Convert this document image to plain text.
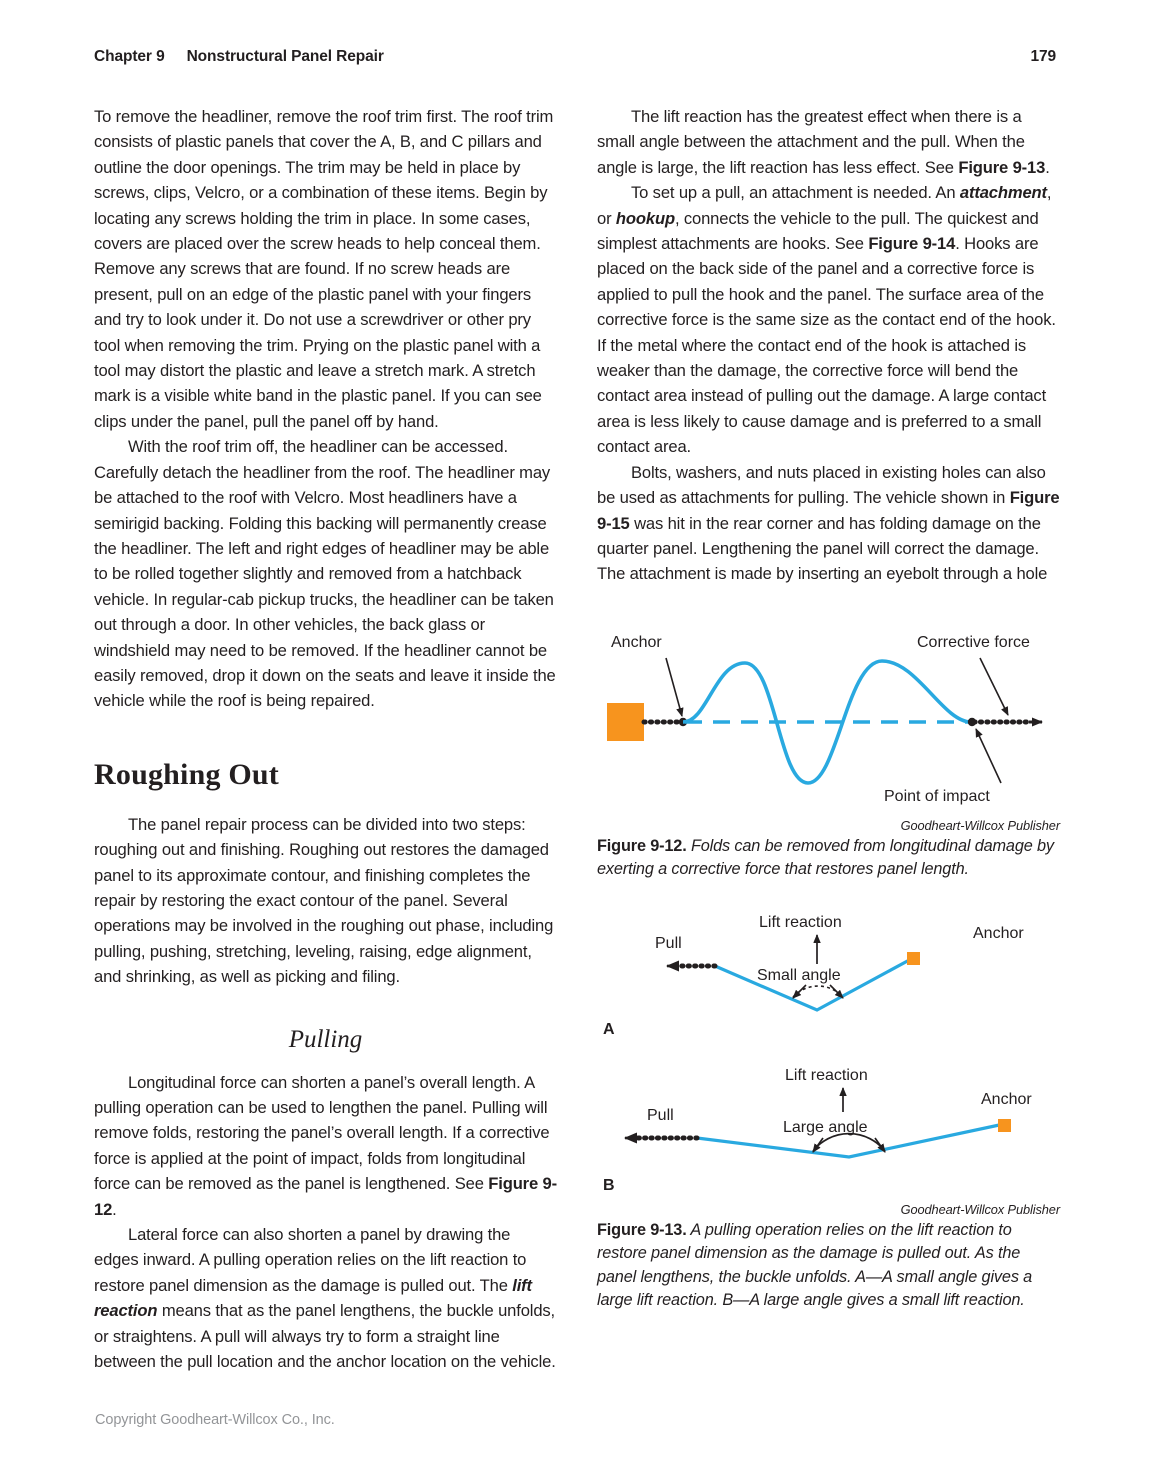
Chapter 9 Nonstructural Panel Repair	179

To remove the headliner, remove the roof trim first. The roof trim consists of plastic panels that cover the A, B, and C pillars and outline the door openings. The trim may be held in place by screws, clips, Velcro, or a combination of these items. Begin by locating any screws holding the trim in place. In some cases, covers are placed over the screw heads to help conceal them. Remove any screws that are found. If no screw heads are present, pull on an edge of the plastic panel with your fingers and try to look under it. Do not use a screwdriver or other pry tool when removing the trim. Prying on the plastic panel with a tool may distort the plastic and leave a stretch mark. A stretch mark is a visible white band in the plastic panel. If you can see clips under the panel, pull the panel off by hand.

With the roof trim off, the headliner can be accessed. Carefully detach the headliner from the roof. The headliner may be attached to the roof with Velcro. Most headliners have a semirigid backing. Folding this backing will permanently crease the headliner. The left and right edges of headliner may be able to be rolled together slightly and removed from a hatchback vehicle. In regular-cab pickup trucks, the headliner can be taken out through a door. In other vehicles, the back glass or windshield may need to be removed. If the headliner cannot be easily removed, drop it down on the seats and leave it inside the vehicle while the roof is being repaired.

Roughing Out

The panel repair process can be divided into two steps: roughing out and finishing. Roughing out restores the damaged panel to its approximate contour, and finishing completes the repair by restoring the exact contour of the panel. Several operations may be involved in the roughing out phase, including pulling, pushing, stretching, leveling, raising, edge alignment, and shrinking, as well as picking and filing.

Pulling

Longitudinal force can shorten a panel’s overall length. A pulling operation can be used to lengthen the panel. Pulling will remove folds, restoring the panel’s overall length. If a corrective force is applied at the point of impact, folds from longitudinal force can be removed as the panel is lengthened. See Figure 9-12.

Lateral force can also shorten a panel by drawing the edges inward. A pulling operation relies on the lift reaction to restore panel dimension as the damage is pulled out. The lift reaction means that as the panel lengthens, the buckle unfolds, or straightens. A pull will always try to form a straight line between the pull location and the anchor location on the vehicle.

The lift reaction has the greatest effect when there is a small angle between the attachment and the pull. When the angle is large, the lift reaction has less effect. See Figure 9-13.

To set up a pull, an attachment is needed. An attachment, or hookup, connects the vehicle to the pull. The quickest and simplest attachments are hooks. See Figure 9-14. Hooks are placed on the back side of the panel and a corrective force is applied to pull the hook and the panel. The surface area of the corrective force is the same size as the contact end of the hook. If the metal where the contact end of the hook is attached is weaker than the damage, the corrective force will bend the contact area instead of pulling out the damage. A large contact area is less likely to cause damage and is preferred to a small contact area.

Bolts, washers, and nuts placed in existing holes can also be used as attachments for pulling. The vehicle shown in Figure 9-15 was hit in the rear corner and has folding damage on the quarter panel. Lengthening the panel will correct the damage. The attachment is made by inserting an eyebolt through a hole

Anchor	Corrective force
Point of impact
Goodheart-Willcox Publisher
Figure 9-12. Folds can be removed from longitudinal damage by exerting a corrective force that restores panel length.
Pull
Lift reaction
Small angle
Anchor
A
Pull
Lift reaction
Large angle
Anchor
B
Goodheart-Willcox Publisher
Figure 9-13. A pulling operation relies on the lift reaction to restore panel dimension as the damage is pulled out. As the panel lengthens, the buckle unfolds. A—A small angle gives a large lift reaction. B—A large angle gives a small lift reaction.
Copyright Goodheart-Willcox Co., Inc.
